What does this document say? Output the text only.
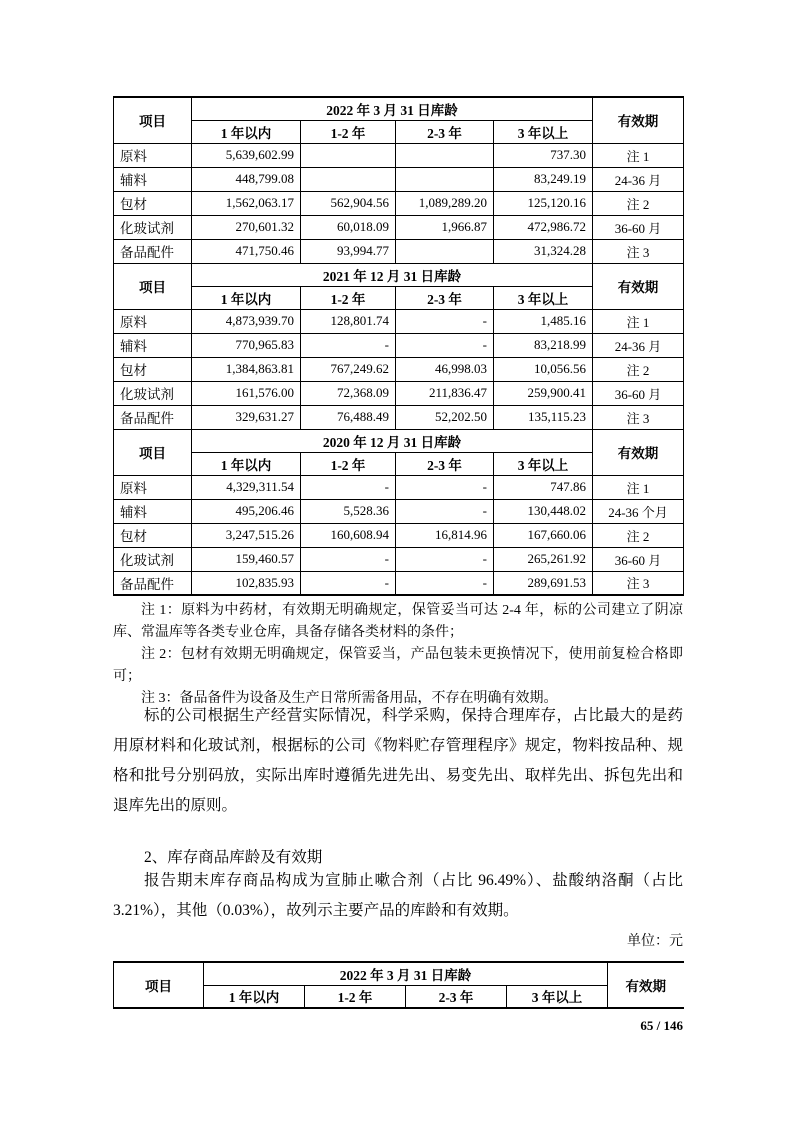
项目	2022 年 3 月 31 日库龄				有效期
	1 年以内	1-2 年	2-3 年	3 年以上	
原料	5,639,602.99			737.30	注 1
辅料	448,799.08			83,249.19	24-36 月
包材	1,562,063.17	562,904.56	1,089,289.20	125,120.16	注 2
化玻试剂	270,601.32	60,018.09	1,966.87	472,986.72	36-60 月
备品配件	471,750.46	93,994.77		31,324.28	注 3
项目	2021 年 12 月 31 日库龄				有效期
	1 年以内	1-2 年	2-3 年	3 年以上	
原料	4,873,939.70	128,801.74	-	1,485.16	注 1
辅料	770,965.83	-	-	83,218.99	24-36 月
包材	1,384,863.81	767,249.62	46,998.03	10,056.56	注 2
化玻试剂	161,576.00	72,368.09	211,836.47	259,900.41	36-60 月
备品配件	329,631.27	76,488.49	52,202.50	135,115.23	注 3
项目	2020 年 12 月 31 日库龄				有效期
	1 年以内	1-2 年	2-3 年	3 年以上	
原料	4,329,311.54	-	-	747.86	注 1
辅料	495,206.46	5,528.36	-	130,448.02	24-36 个月
包材	3,247,515.26	160,608.94	16,814.96	167,660.06	注 2
化玻试剂	159,460.57	-	-	265,261.92	36-60 月
备品配件	102,835.93	-	-	289,691.53	注 3

注 1：原料为中药材，有效期无明确规定，保管妥当可达 2-4 年，标的公司建立了阴凉库、常温库等各类专业仓库，具备存储各类材料的条件；

注 2：包材有效期无明确规定，保管妥当，产品包装未更换情况下，使用前复检合格即可；

注 3：备品备件为设备及生产日常所需备用品，不存在明确有效期。

标的公司根据生产经营实际情况，科学采购，保持合理库存，占比最大的是药用原材料和化玻试剂，根据标的公司《物料贮存管理程序》规定，物料按品种、规格和批号分别码放，实际出库时遵循先进先出、易变先出、取样先出、拆包先出和退库先出的原则。

2、库存商品库龄及有效期

报告期末库存商品构成为宣肺止嗽合剂（占比 96.49%）、盐酸纳洛酮（占比 3.21%），其他（0.03%），故列示主要产品的库龄和有效期。

单位：元
项目	2022 年 3 月 31 日库龄				有效期
	1 年以内	1-2 年	2-3 年	3 年以上	
65 / 146
